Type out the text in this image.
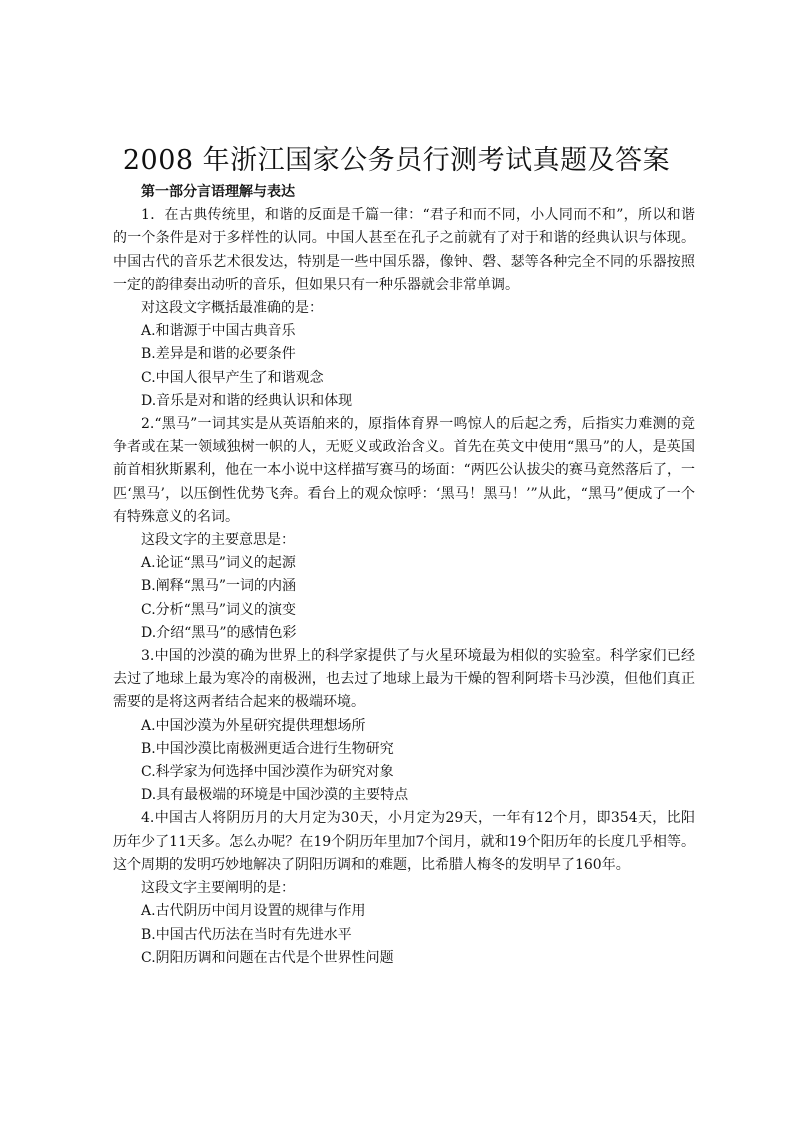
2008 年浙江国家公务员行测考试真题及答案

第一部分言语理解与表达

1．在古典传统里，和谐的反面是千篇一律：“君子和而不同，小人同而不和”，所以和谐的一个条件是对于多样性的认同。中国人甚至在孔子之前就有了对于和谐的经典认识与体现。中国古代的音乐艺术很发达，特别是一些中国乐器，像钟、磬、瑟等各种完全不同的乐器按照一定的韵律奏出动听的音乐，但如果只有一种乐器就会非常单调。

对这段文字概括最准确的是：

A.和谐源于中国古典音乐

B.差异是和谐的必要条件

C.中国人很早产生了和谐观念

D.音乐是对和谐的经典认识和体现

2.“黑马”一词其实是从英语舶来的，原指体育界一鸣惊人的后起之秀，后指实力难测的竞争者或在某一领域独树一帜的人，无贬义或政治含义。首先在英文中使用“黑马”的人，是英国前首相狄斯累利，他在一本小说中这样描写赛马的场面：“两匹公认拔尖的赛马竟然落后了，一匹‘黑马’，以压倒性优势飞奔。看台上的观众惊呼：‘黑马！黑马！’”从此，“黑马”便成了一个有特殊意义的名词。

这段文字的主要意思是：

A.论证“黑马”词义的起源

B.阐释“黑马”一词的内涵

C.分析“黑马”词义的演变

D.介绍“黑马”的感情色彩

3.中国的沙漠的确为世界上的科学家提供了与火星环境最为相似的实验室。科学家们已经去过了地球上最为寒冷的南极洲，也去过了地球上最为干燥的智利阿塔卡马沙漠，但他们真正需要的是将这两者结合起来的极端环境。

A.中国沙漠为外星研究提供理想场所

B.中国沙漠比南极洲更适合进行生物研究

C.科学家为何选择中国沙漠作为研究对象

D.具有最极端的环境是中国沙漠的主要特点

4.中国古人将阴历月的大月定为30天，小月定为29天，一年有12个月，即354天，比阳历年少了11天多。怎么办呢？在19个阴历年里加7个闰月，就和19个阳历年的长度几乎相等。这个周期的发明巧妙地解决了阴阳历调和的难题，比希腊人梅冬的发明早了160年。

这段文字主要阐明的是：

A.古代阴历中闰月设置的规律与作用

B.中国古代历法在当时有先进水平

C.阴阳历调和问题在古代是个世界性问题
